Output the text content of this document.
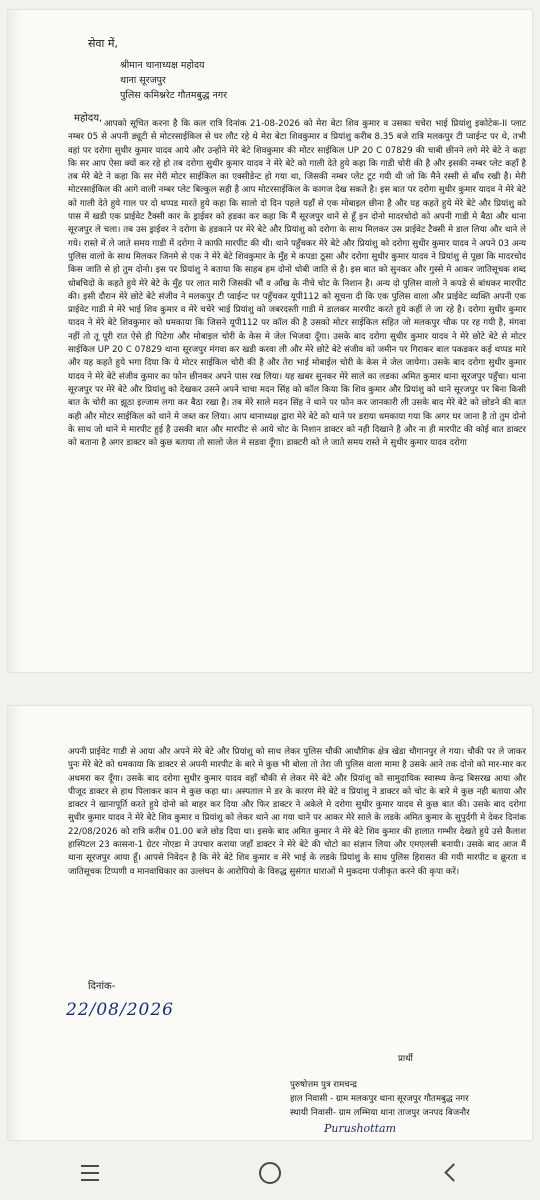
सेवा में,
श्रीमान थानाध्यक्ष महोदय
थाना सूरजपुर
पुलिस कमिश्नरेट गौतमबुद्ध नगर
महोदय, आपको सूचित करना है कि कल रात्रि दिनांक 21-08-2026 को मेरा बेटा शिव कुमार व उसका चचेरा भाई प्रियांशु इकोटेक-II प्लाट नम्बर 05 से अपनी ड्यूटी से मोटरसाईकिल से घर लौट रहे थे मेरा बेटा शिवकुमार व प्रियांशु करीब 8.35 बजे रात्रि मलकपुर टी प्वाईन्ट पर थे, तभी वहां पर दरोगा सुधीर कुमार यादव आये और उन्होंने मेरे बेटे शिवकुमार की मोटर साईकिल UP 20 C 07829 की चाबी छीनने लगे मेरे बेटे ने कहा कि सर आप ऐसा क्यों कर रहे हो तब दरोगा सुधीर कुमार यादव ने मेरे बेटे को गाली देते हुये कहा कि गाडी चोरी की है और इसकी नम्बर प्लेट कहाँ है तब मेरे बेटे ने कहा कि सर मेरी मोटर साईकिल का एक्सीडेन्ट हो गया था, जिसकी नम्बर प्लेट टूट गयी थी जो कि मैने रस्सी से बाँध रखी है। मेरी मोटरसाईकिल की आगे वाली नम्बर प्लेट बिल्कुल सही है आप मोटरसाईकिल के कागज देख सकते है। इस बात पर दरोगा सुधीर कुमार यादव ने मेरे बेटे को गाली देते हुये गाल पर दो थप्पड मारते हुये कहा कि सालो दो दिन पहले यहाँ से एक मोबाइल छीना है और यह कहते हुये मेरे बेटे और प्रियांशु को पास में खडी एक प्राईवेट टैक्सी कार के ड्राईवर को हडका कर कहा कि मैं सूरजपुर थाने से हूँ इन दोनो मादरचोदो को अपनी गाडी मे बैठा और थाना सूरजपुर ले चला। तब उस ड्राईवर ने दरोगा के हडकाने पर मेरे बेटे और प्रियांशु को दरोगा के साथ मिलकर उस प्राईवेट टैक्सी मे डाल लिया और थाने ले गये। रास्ते में ले जाते समय गाडी में दरोगा ने काफी मारपीट की थी। थाने पहुँचकर मेरे बेटे और प्रियांशु को दरोगा सुधीर कुमार यादव ने अपने 03 अन्य पुलिस वालो के साथ मिलकर जिनमे से एक ने मेरे बेटे शिवकुमार के मुँह मे कपडा ठूसा और दरोगा सुधीर कुमार यादव ने प्रियांशु से पूछा कि मादरचोद किस जाति से हो तुम दोनो। इस पर प्रियांशु ने बताया कि साहब हम दोनो धोबी जाति से है। इस बात को सुनकर और गुस्से मे आकर जातिसूचक शब्द धोबचिदो के कहते हुये मेरे बेटे के मुँह पर लात मारी जिसकी भौं व आँख के नीचे चोट के निशान है। अन्य दो पुलिस वालो ने कपडे से बांधकर मारपीट की। इसी दौरान मेरे छोटे बेटे संजीव ने मलकपुर टी प्वाईन्ट पर पहुँचकर यूपी112 को सूचना दी कि एक पुलिस वाला और प्राईवेट व्यक्ति अपनी एक प्राईवेट गाडी मे मेरे भाई शिव कुमार व मेरे चचेरे भाई प्रियांशु को जबरदस्ती गाडी मे डालकर मारपीट करते हुये कहीं ले जा रहे है। दरोगा सुधीर कुमार यादव ने मेरे बेटे शिवकुमार को धमकाया कि जिसने यूपी112 पर कॉल की है उसको मोटर साईकिल सहित जो मलकपुर चौक पर रह गयी है, मंगवा नहीं तो तू पूरी रात ऐसे ही पिटेगा और मोबाइल चोरी के केस मे जेल भिजवा दूँगा। उसके बाद दरोगा सुधीर कुमार यादव ने मेरे छोटे बेटे से मोटर साईकिल UP 20 C 07829 थाना सूरजपुर मंगवा कर खडी करवा ली और मेरे छोटे बेटे संजीव को जमीन पर गिराकर बाल पकडकर कई थप्पड मारे और यह कहते हुये भगा दिया कि ये मोटर साईकिल चोरी की है और तेरा भाई मोबाईल चोरी के केस मे जेल जायेगा। उसके बाद दरोगा सुधीर कुमार यादव ने मेरे बेटे संजीव कुमार का फोन छीनकर अपने पास रख लिया। यह खबर सुनकर मेरे साले का लडका अमित कुमार थाना सूरजपुर पहुँचा। थाना सूरजपुर पर मेरे बेटे और प्रियांशु को देखकर उसने अपने चाचा मदन सिंह को कॉल किया कि शिव कुमार और प्रियांशु को थाने सूरजपुर पर बिना किसी बात के चोरी का झूठा इल्जाम लगा कर बैठा रखा है। तब मेरे साले मदन सिंह ने थाने पर फोन कर जानकारी ली उसके बाद मेरे बेटे को छोडने की बात कही और मोटर साईकिल को थाने मे जब्त कर लिया। आप थानाध्यक्ष द्वारा मेरे बेटे को थाने पर डराया धमकाया गया कि अगर घर जाना है तो तुम दोनो के साथ जो थाने मे मारपीट हुई है उसकी बात और मारपीट से आये चोट के निशान डाक्टर को नही दिखाने है और ना ही मारपीट की कोई बात डाक्टर को बताना है अगर डाक्टर को कुछ बताया तो सालो जेल मे सडवा दूँगा। डाक्टरी को ले जाते समय रास्ते मे सुधीर कुमार यादव दरोगा
अपनी प्राईवेट गाडी से आया और अपने मेरे बेटे और प्रियांशु को साथ लेकर पुलिस चौकी आधौगिक क्षेत्र खेडा चौगानपुर ले गया। चौकी पर ले जाकर पुनः मेरे बेटे को धमकाया कि डाक्टर से अपनी मारपीट के बारे मे कुछ भी बोला तो तेरा जी पुलिस वाला मामा है उसके आने तक दोनो को मार-मार कर अधमरा कर दूँगा। उसके बाद दरोगा सुधीर कुमार यादव वहाँ चौकी से लेकर मेरे बेटे और प्रियांशु को सामुदायिक स्वास्थ्य केन्द्र बिसरख आया और पीजूद डाक्टर से हाथ पिलाकर कान मे कुछ कहा था। अस्पताल मे डर के कारण मेरे बेटे व प्रियांशु ने डाक्टर को चोट के बारे मे कुछ नही बताया और डाक्टर ने खानापूर्ति करते हुये दोनो को बाहर कर दिया और फिर डाक्टर ने अकेले मे दरोगा सुधीर कुमार यादव से कुछ बात की। उसके बाद दरोगा सुधीर कुमार यादव ने मेरे बेटे शिव कुमार व प्रियांशु को लेकर थाने आ गया थाने पर आकर मेरे साले के लडके अमित कुमार के सुपुर्दगी मे देकर दिनांक 22/08/2026 को रात्रि करीब 01.00 बजे छोड दिया था। इसके बाद अमित कुमार ने मेरे बेटे शिव कुमार की हालात गम्भीर देखते हुये उसे कैलाश हास्पिटल 23 कासना-1 ग्रेटर नोएडा मे उपचार कराया जहाँ डाक्टर ने मेरे बेटे की चोटो का संज्ञान लिया और एमएलसी बनायी। उसके बाद आज मैं थाना सूरजपुर आया हूँ। आपसे निवेदन है कि मेरे बेटे शिव कुमार व मेरे भाई के लडके प्रियांशु के साथ पुलिस हिरासत की गयी मारपीट व क्रूरता व जातिसूचक टिप्पणी व मानवाधिकार का उल्लंघन के आरोपियो के विरुद्ध सुसंगत धाराओं मे मुकदमा पंजीकृत करने की कृपा करें।
दिनांक-
22/08/2026
प्रार्थी
पुरुषोत्तम पुत्र रामचन्द्र
हाल निवासी - ग्राम मलकपुर थाना सूरजपुर गौतमबुद्ध नगर
स्थायी निवासी- ग्राम लम्भिया थाना ताजपुर जनपद बिजनौर
Purushottam
